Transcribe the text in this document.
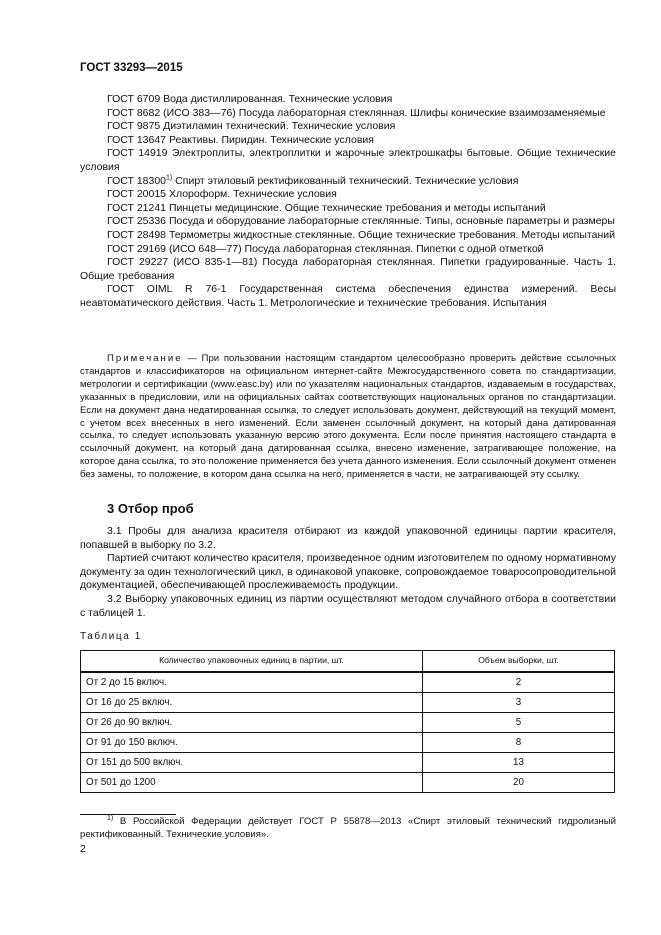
ГОСТ 33293—2015

ГОСТ 6709 Вода дистиллированная. Технические условия

ГОСТ 8682 (ИСО 383—76) Посуда лабораторная стеклянная. Шлифы конические взаимозаменяемые

ГОСТ 9875 Диэтиламин технический. Технические условия

ГОСТ 13647 Реактивы. Пиридин. Технические условия

ГОСТ 14919 Электроплиты, электроплитки и жарочные электрошкафы бытовые. Общие технические условия

ГОСТ 18300$^{1)}$ Спирт этиловый ректификованный технический. Технические условия

ГОСТ 20015 Хлороформ. Технические условия

ГОСТ 21241 Пинцеты медицинские. Общие технические требования и методы испытаний

ГОСТ 25336 Посуда и оборудование лабораторные стеклянные. Типы, основные параметры и размеры

ГОСТ 28498 Термометры жидкостные стеклянные. Общие технические требования. Методы испытаний

ГОСТ 29169 (ИСО 648—77) Посуда лабораторная стеклянная. Пипетки с одной отметкой

ГОСТ 29227 (ИСО 835-1—81) Посуда лабораторная стеклянная. Пипетки градуированные. Часть 1. Общие требования

ГОСТ OIML R 76-1 Государственная система обеспечения единства измерений. Весы неавтоматического действия. Часть 1. Метрологические и технические требования. Испытания

Примечание — При пользовании настоящим стандартом целесообразно проверить действие ссылочных стандартов и классификаторов на официальном интернет-сайте Межгосударственного совета по стандартизации, метрологии и сертификации (www.easc.by) или по указателям национальных стандартов, издаваемым в государствах, указанных в предисловии, или на официальных сайтах соответствующих национальных органов по стандартизации. Если на документ дана недатированная ссылка, то следует использовать документ, действующий на текущий момент, с учетом всех внесенных в него изменений. Если заменен ссылочный документ, на который дана датированная ссылка, то следует использовать указанную версию этого документа. Если после принятия настоящего стандарта в ссылочный документ, на который дана датированная ссылка, внесено изменение, затрагивающее положение, на которое дана ссылка, то это положение применяется без учета данного изменения. Если ссылочный документ отменен без замены, то положение, в котором дана ссылка на него, применяется в части, не затрагивающей эту ссылку.

3 Отбор проб

3.1 Пробы для анализа красителя отбирают из каждой упаковочной единицы партии красителя, попавшей в выборку по 3.2.

Партией считают количество красителя, произведенное одним изготовителем по одному нормативному документу за один технологический цикл, в одинаковой упаковке, сопровождаемое товаросопроводительной документацией, обеспечивающей прослеживаемость продукции.

3.2 Выборку упаковочных единиц из партии осуществляют методом случайного отбора в соответствии с таблицей 1.

Таблица 1
Количество упаковочных единиц в партии, шт.	Объем выборки, шт.
От 2 до 15 включ.	2
От 16 до 25 включ.	3
От 26 до 90 включ.	5
От 91 до 150 включ.	8
От 151 до 500 включ.	13
От 501 до 1200	20

$^{1)}$ В Российской Федерации действует ГОСТ Р 55878—2013 «Спирт этиловый технический гидролизный ректификованный. Технические условия».

2
